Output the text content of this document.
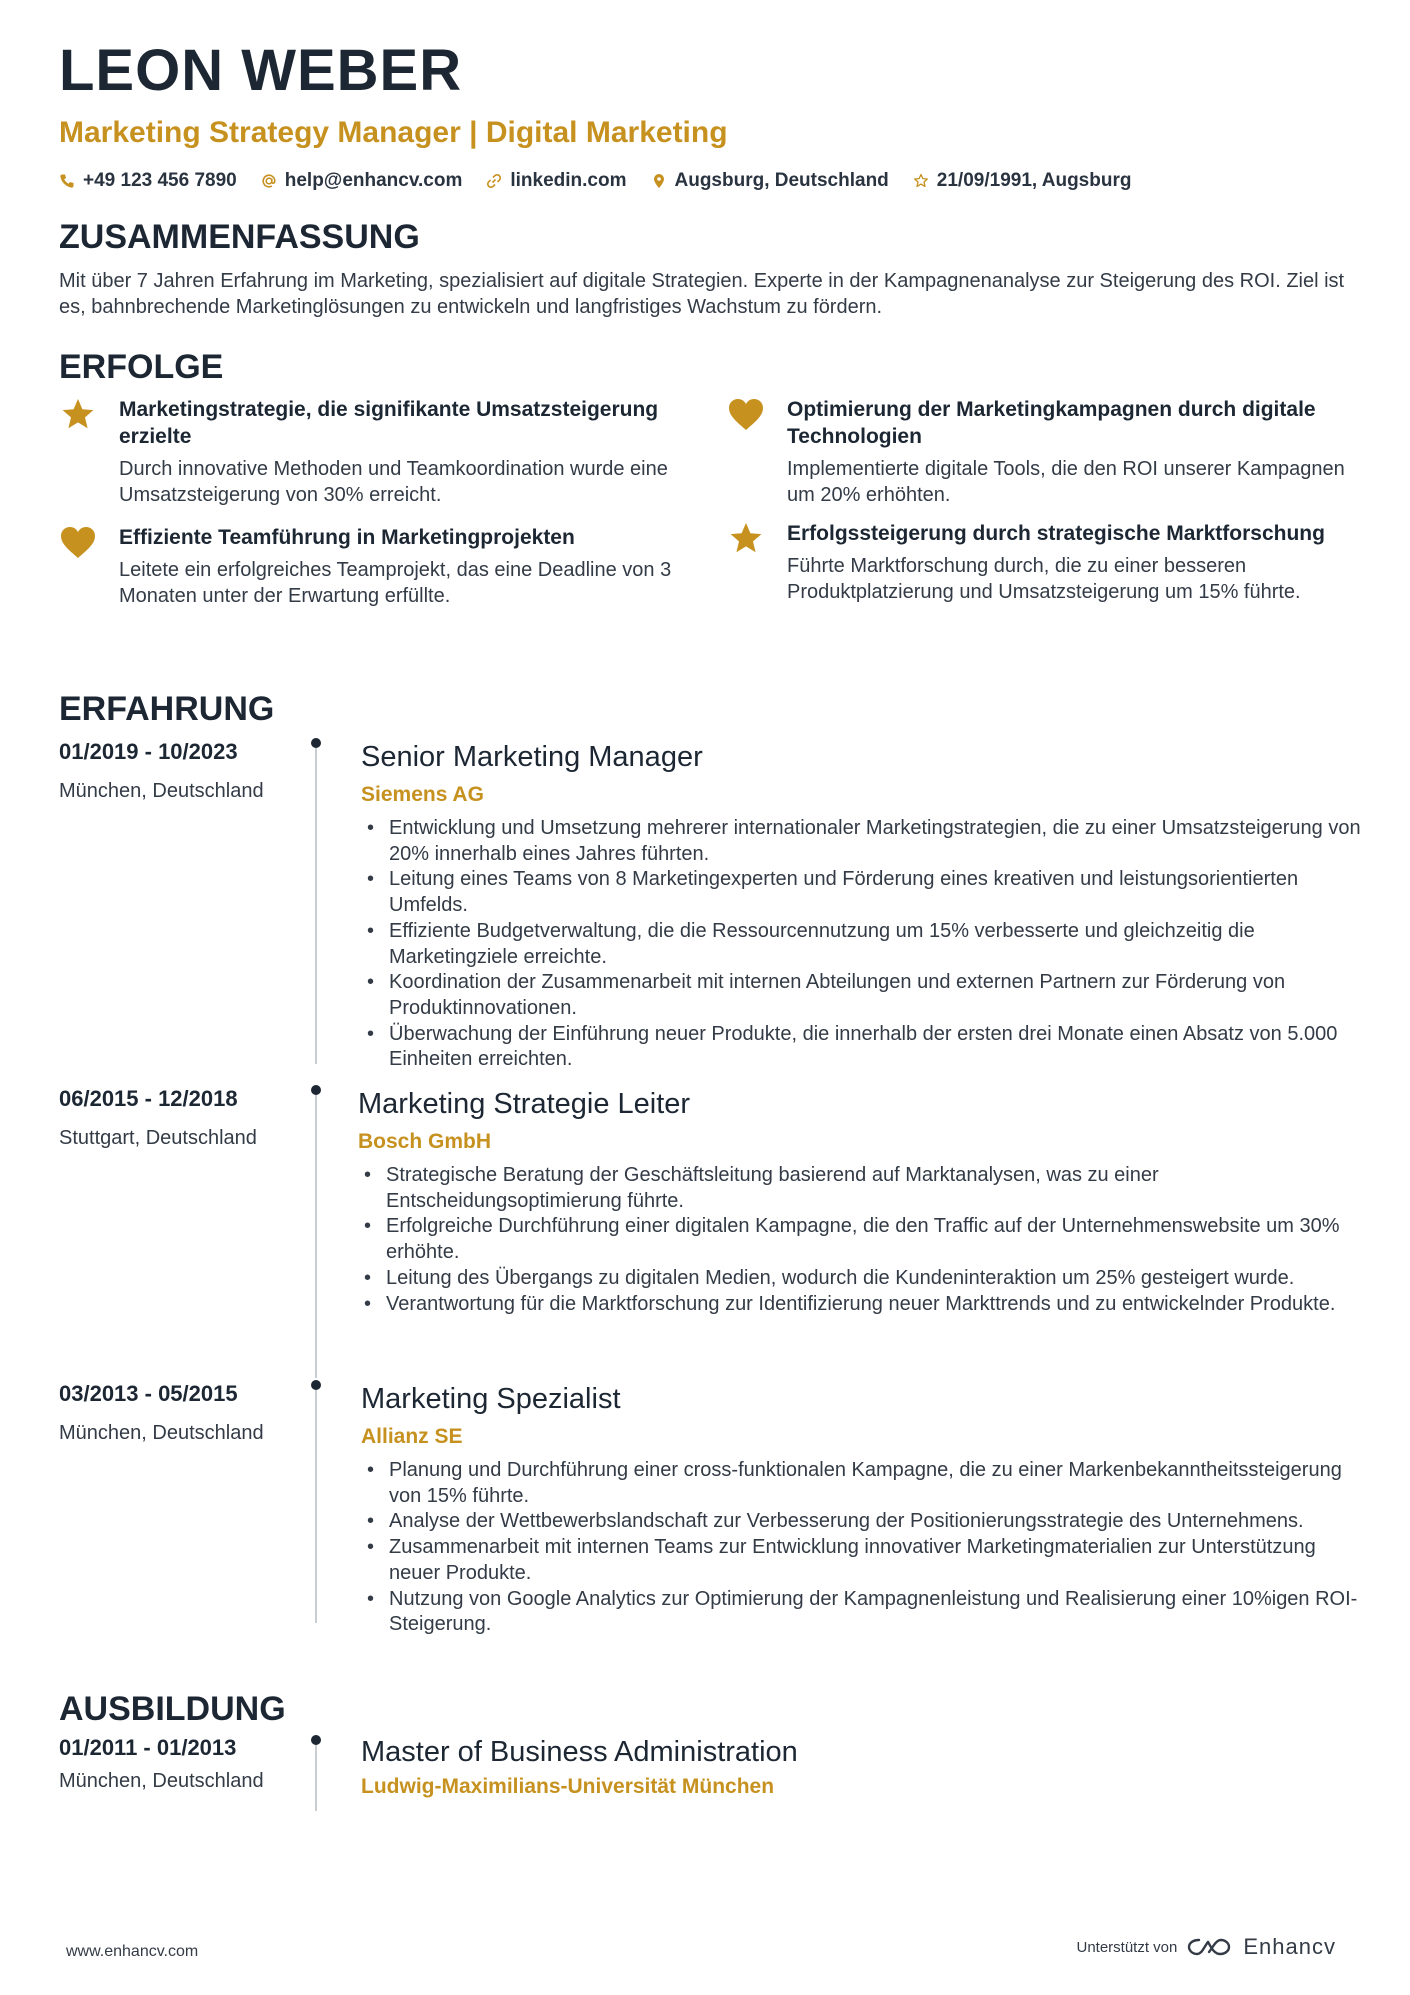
LEON WEBER
Marketing Strategy Manager | Digital Marketing
+49 123 456 7890	help@enhancv.com	linkedin.com	Augsburg, Deutschland	21/09/1991, Augsburg
ZUSAMMENFASSUNG
Mit über 7 Jahren Erfahrung im Marketing, spezialisiert auf digitale Strategien. Experte in der Kampagnenanalyse zur Steigerung des ROI. Ziel ist es, bahnbrechende Marketinglösungen zu entwickeln und langfristiges Wachstum zu fördern.
ERFOLGE
Marketingstrategie, die signifikante Umsatzsteigerung erzielte
Durch innovative Methoden und Teamkoordination wurde eine Umsatzsteigerung von 30% erreicht.
Optimierung der Marketingkampagnen durch digitale Technologien
Implementierte digitale Tools, die den ROI unserer Kampagnen um 20% erhöhten.
Effiziente Teamführung in Marketingprojekten
Leitete ein erfolgreiches Teamprojekt, das eine Deadline von 3 Monaten unter der Erwartung erfüllte.
Erfolgssteigerung durch strategische Marktforschung
Führte Marktforschung durch, die zu einer besseren Produktplatzierung und Umsatzsteigerung um 15% führte.
ERFAHRUNG
01/2019 - 10/2023
München, Deutschland
Senior Marketing Manager
Siemens AG
• Entwicklung und Umsetzung mehrerer internationaler Marketingstrategien, die zu einer Umsatzsteigerung von 20% innerhalb eines Jahres führten.
• Leitung eines Teams von 8 Marketingexperten und Förderung eines kreativen und leistungsorientierten Umfelds.
• Effiziente Budgetverwaltung, die die Ressourcennutzung um 15% verbesserte und gleichzeitig die Marketingziele erreichte.
• Koordination der Zusammenarbeit mit internen Abteilungen und externen Partnern zur Förderung von Produktinnovationen.
• Überwachung der Einführung neuer Produkte, die innerhalb der ersten drei Monate einen Absatz von 5.000 Einheiten erreichten.
06/2015 - 12/2018
Stuttgart, Deutschland
Marketing Strategie Leiter
Bosch GmbH
• Strategische Beratung der Geschäftsleitung basierend auf Marktanalysen, was zu einer Entscheidungsoptimierung führte.
• Erfolgreiche Durchführung einer digitalen Kampagne, die den Traffic auf der Unternehmenswebsite um 30% erhöhte.
• Leitung des Übergangs zu digitalen Medien, wodurch die Kundeninteraktion um 25% gesteigert wurde.
• Verantwortung für die Marktforschung zur Identifizierung neuer Markttrends und zu entwickelnder Produkte.
03/2013 - 05/2015
München, Deutschland
Marketing Spezialist
Allianz SE
• Planung und Durchführung einer cross-funktionalen Kampagne, die zu einer Markenbekanntheitssteigerung von 15% führte.
• Analyse der Wettbewerbslandschaft zur Verbesserung der Positionierungsstrategie des Unternehmens.
• Zusammenarbeit mit internen Teams zur Entwicklung innovativer Marketingmaterialien zur Unterstützung neuer Produkte.
• Nutzung von Google Analytics zur Optimierung der Kampagnenleistung und Realisierung einer 10%igen ROI-Steigerung.
AUSBILDUNG
01/2011 - 01/2013
München, Deutschland
Master of Business Administration
Ludwig-Maximilians-Universität München
www.enhancv.com	Unterstützt von	Enhancv
